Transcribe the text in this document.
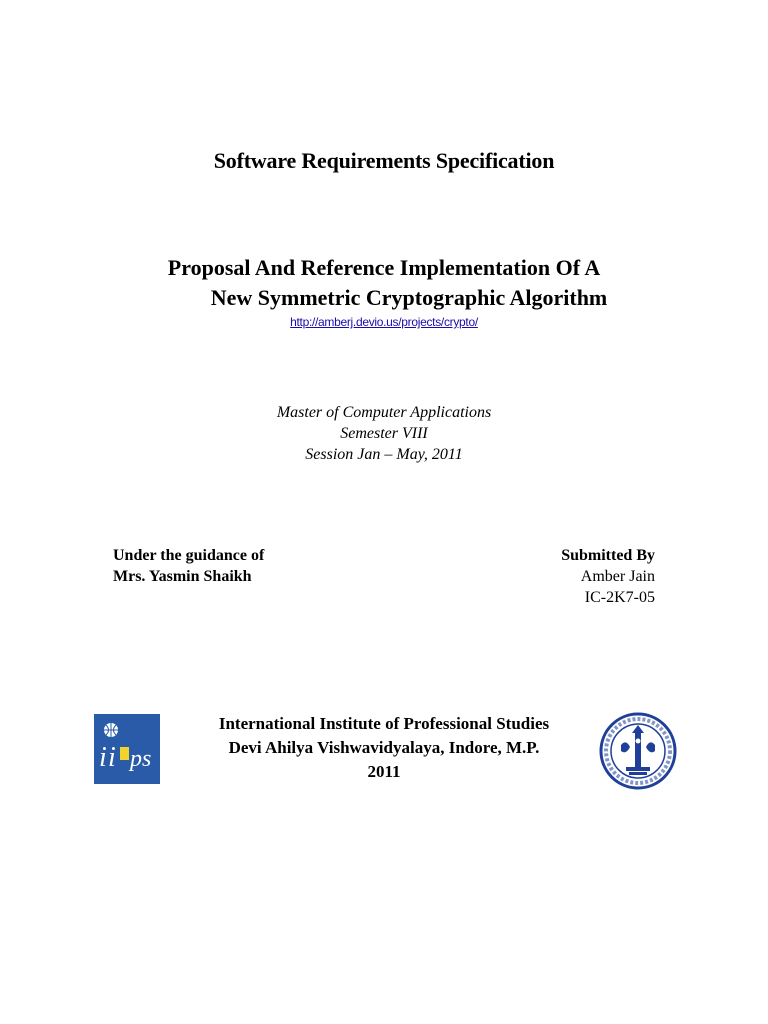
Software Requirements Specification
Proposal And Reference Implementation Of A
New Symmetric Cryptographic Algorithm
http://amberj.devio.us/projects/crypto/
Master of Computer Applications
Semester VIII
Session Jan – May, 2011
Under the guidance of
Mrs. Yasmin Shaikh
Submitted By
Amber Jain
IC-2K7-05
i i ps
International Institute of Professional Studies
Devi Ahilya Vishwavidyalaya, Indore, M.P.
2011
